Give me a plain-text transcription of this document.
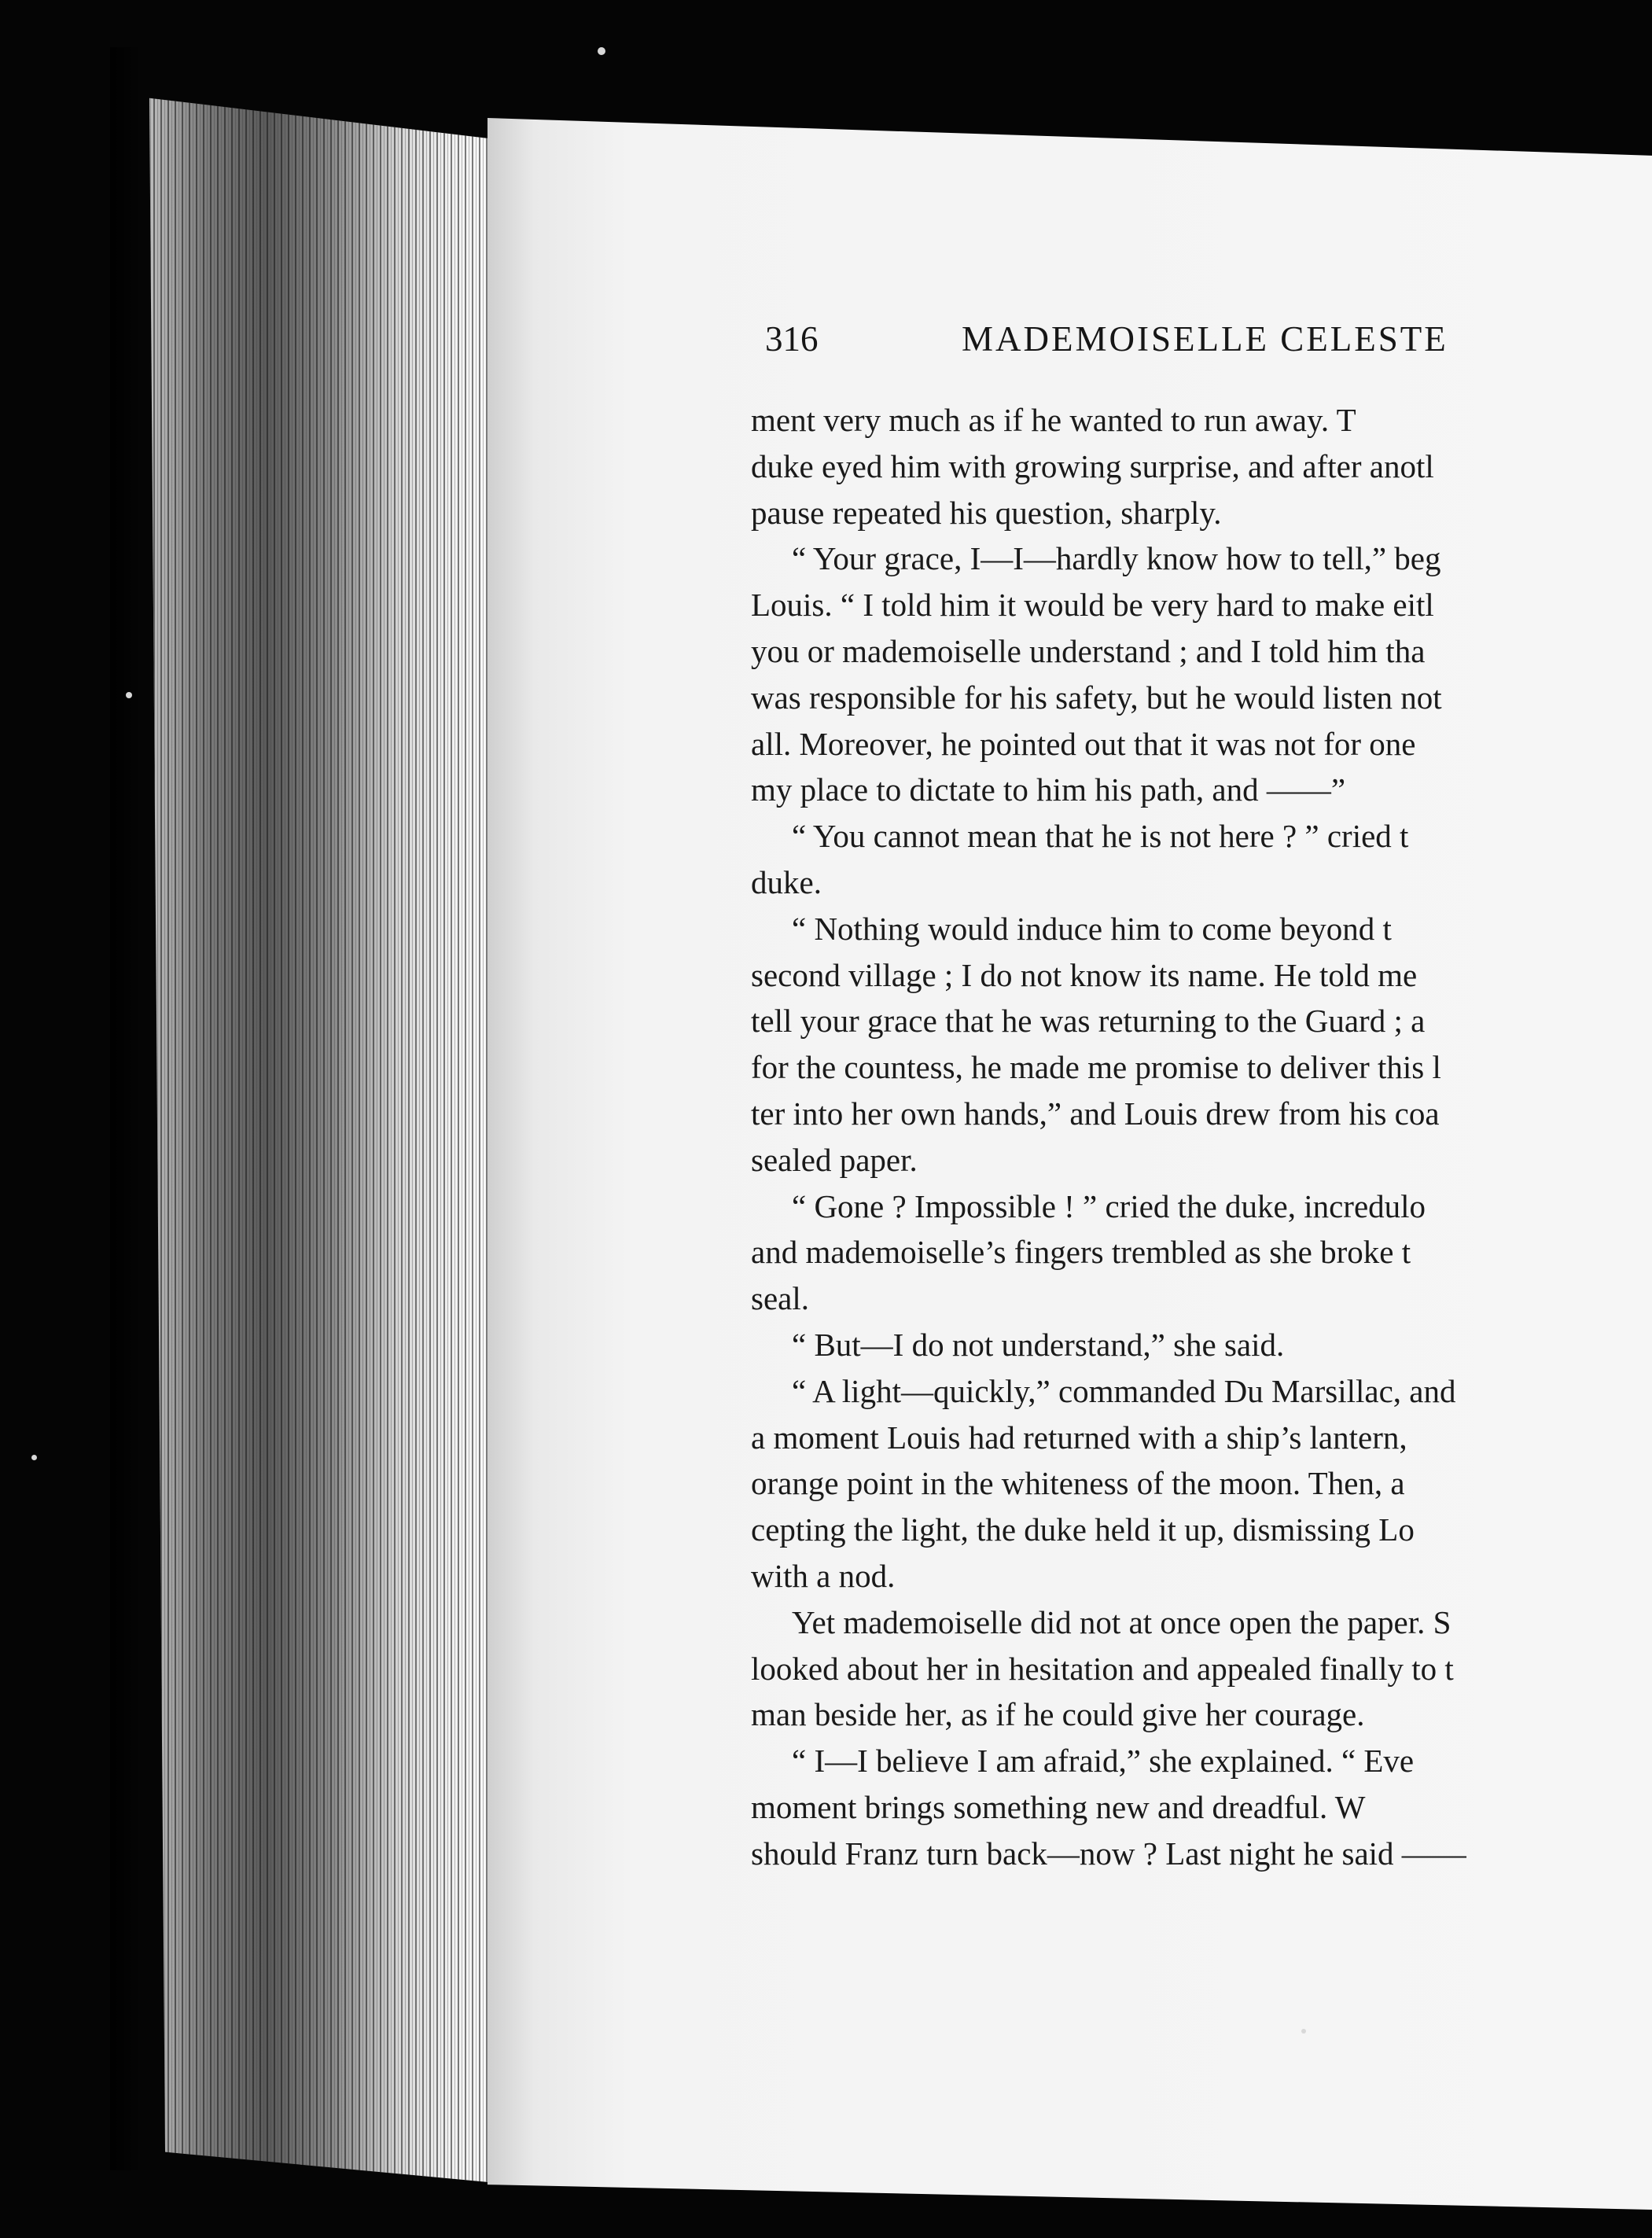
316	MADEMOISELLE CELESTE
ment very much as if he wanted to run away. T
duke eyed him with growing surprise, and after anotl
pause repeated his question, sharply.
“ Your grace, I—I—hardly know how to tell,” beg
Louis. “ I told him it would be very hard to make eitl
you or mademoiselle understand ; and I told him tha
was responsible for his safety, but he would listen not
all. Moreover, he pointed out that it was not for one
my place to dictate to him his path, and ——”
“ You cannot mean that he is not here ? ” cried t
duke.
“ Nothing would induce him to come beyond t
second village ; I do not know its name. He told me
tell your grace that he was returning to the Guard ; a
for the countess, he made me promise to deliver this l
ter into her own hands,” and Louis drew from his coa
sealed paper.
“ Gone ? Impossible ! ” cried the duke, incredulo
and mademoiselle’s fingers trembled as she broke t
seal.
“ But—I do not understand,” she said.
“ A light—quickly,” commanded Du Marsillac, and
a moment Louis had returned with a ship’s lantern,
orange point in the whiteness of the moon. Then, a
cepting the light, the duke held it up, dismissing Lo
with a nod.
Yet mademoiselle did not at once open the paper. S
looked about her in hesitation and appealed finally to t
man beside her, as if he could give her courage.
“ I—I believe I am afraid,” she explained. “ Eve
moment brings something new and dreadful. W
should Franz turn back—now ? Last night he said ——
